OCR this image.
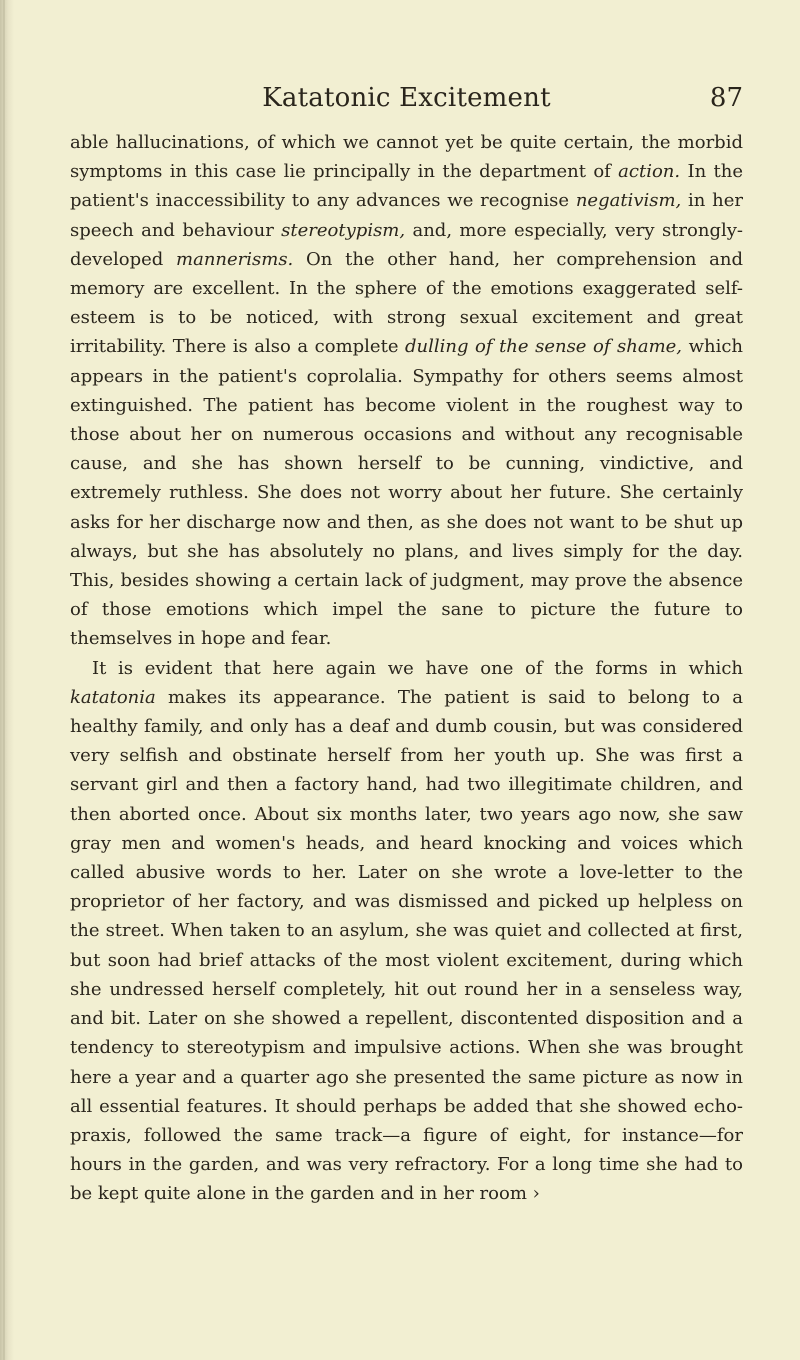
Katatonic Excitement	87

able hallucinations, of which we cannot yet be quite certain, the morbid symptoms in this case lie principally in the department of action. In the patient's inaccessibility to any advances we recognise negativism, in her speech and behaviour stereotypism, and, more especially, very strongly-developed mannerisms. On the other hand, her comprehension and memory are excellent. In the sphere of the emotions exaggerated self-esteem is to be noticed, with strong sexual excitement and great irritability. There is also a complete dulling of the sense of shame, which appears in the patient's coprolalia. Sympathy for others seems almost extinguished. The patient has become violent in the roughest way to those about her on numerous occasions and without any recognisable cause, and she has shown herself to be cunning, vindictive, and extremely ruthless. She does not worry about her future. She certainly asks for her discharge now and then, as she does not want to be shut up always, but she has absolutely no plans, and lives simply for the day. This, besides showing a certain lack of judgment, may prove the absence of those emotions which impel the sane to picture the future to themselves in hope and fear.

It is evident that here again we have one of the forms in which katatonia makes its appearance. The patient is said to belong to a healthy family, and only has a deaf and dumb cousin, but was considered very selfish and obstinate herself from her youth up. She was first a servant girl and then a factory hand, had two illegitimate children, and then aborted once. About six months later, two years ago now, she saw gray men and women's heads, and heard knocking and voices which called abusive words to her. Later on she wrote a love-letter to the proprietor of her factory, and was dismissed and picked up helpless on the street. When taken to an asylum, she was quiet and collected at first, but soon had brief attacks of the most violent excitement, during which she undressed herself completely, hit out round her in a senseless way, and bit. Later on she showed a repellent, discontented disposition and a tendency to stereotypism and impulsive actions. When she was brought here a year and a quarter ago she presented the same picture as now in all essential features. It should perhaps be added that she showed echo-praxis, followed the same track—a figure of eight, for instance—for hours in the garden, and was very refractory. For a long time she had to be kept quite alone in the garden and in her room ›
